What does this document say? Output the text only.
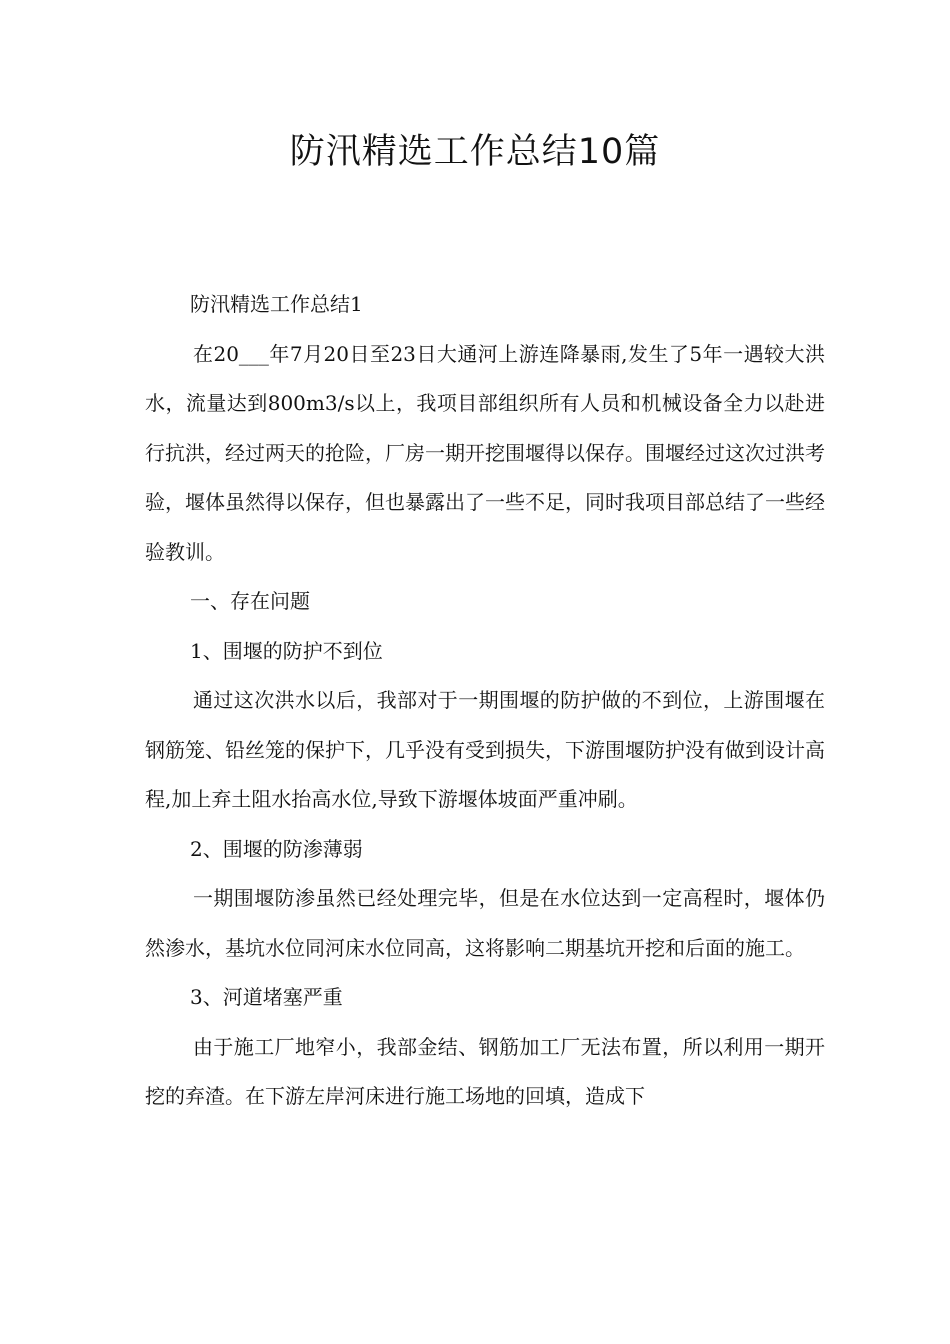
防汛精选工作总结10篇

防汛精选工作总结1

在20___年7月20日至23日大通河上游连降暴雨,发生了5年一遇较大洪水，流量达到800m3/s以上，我项目部组织所有人员和机械设备全力以赴进行抗洪，经过两天的抢险，厂房一期开挖围堰得以保存。围堰经过这次过洪考验，堰体虽然得以保存，但也暴露出了一些不足，同时我项目部总结了一些经验教训。

一、存在问题

1、围堰的防护不到位

通过这次洪水以后，我部对于一期围堰的防护做的不到位，上游围堰在钢筋笼、铅丝笼的保护下，几乎没有受到损失，下游围堰防护没有做到设计高程,加上弃土阻水抬高水位,导致下游堰体坡面严重冲刷。

2、围堰的防渗薄弱

一期围堰防渗虽然已经处理完毕，但是在水位达到一定高程时，堰体仍然渗水，基坑水位同河床水位同高，这将影响二期基坑开挖和后面的施工。

3、河道堵塞严重

由于施工厂地窄小，我部金结、钢筋加工厂无法布置，所以利用一期开挖的弃渣。在下游左岸河床进行施工场地的回填，造成下
